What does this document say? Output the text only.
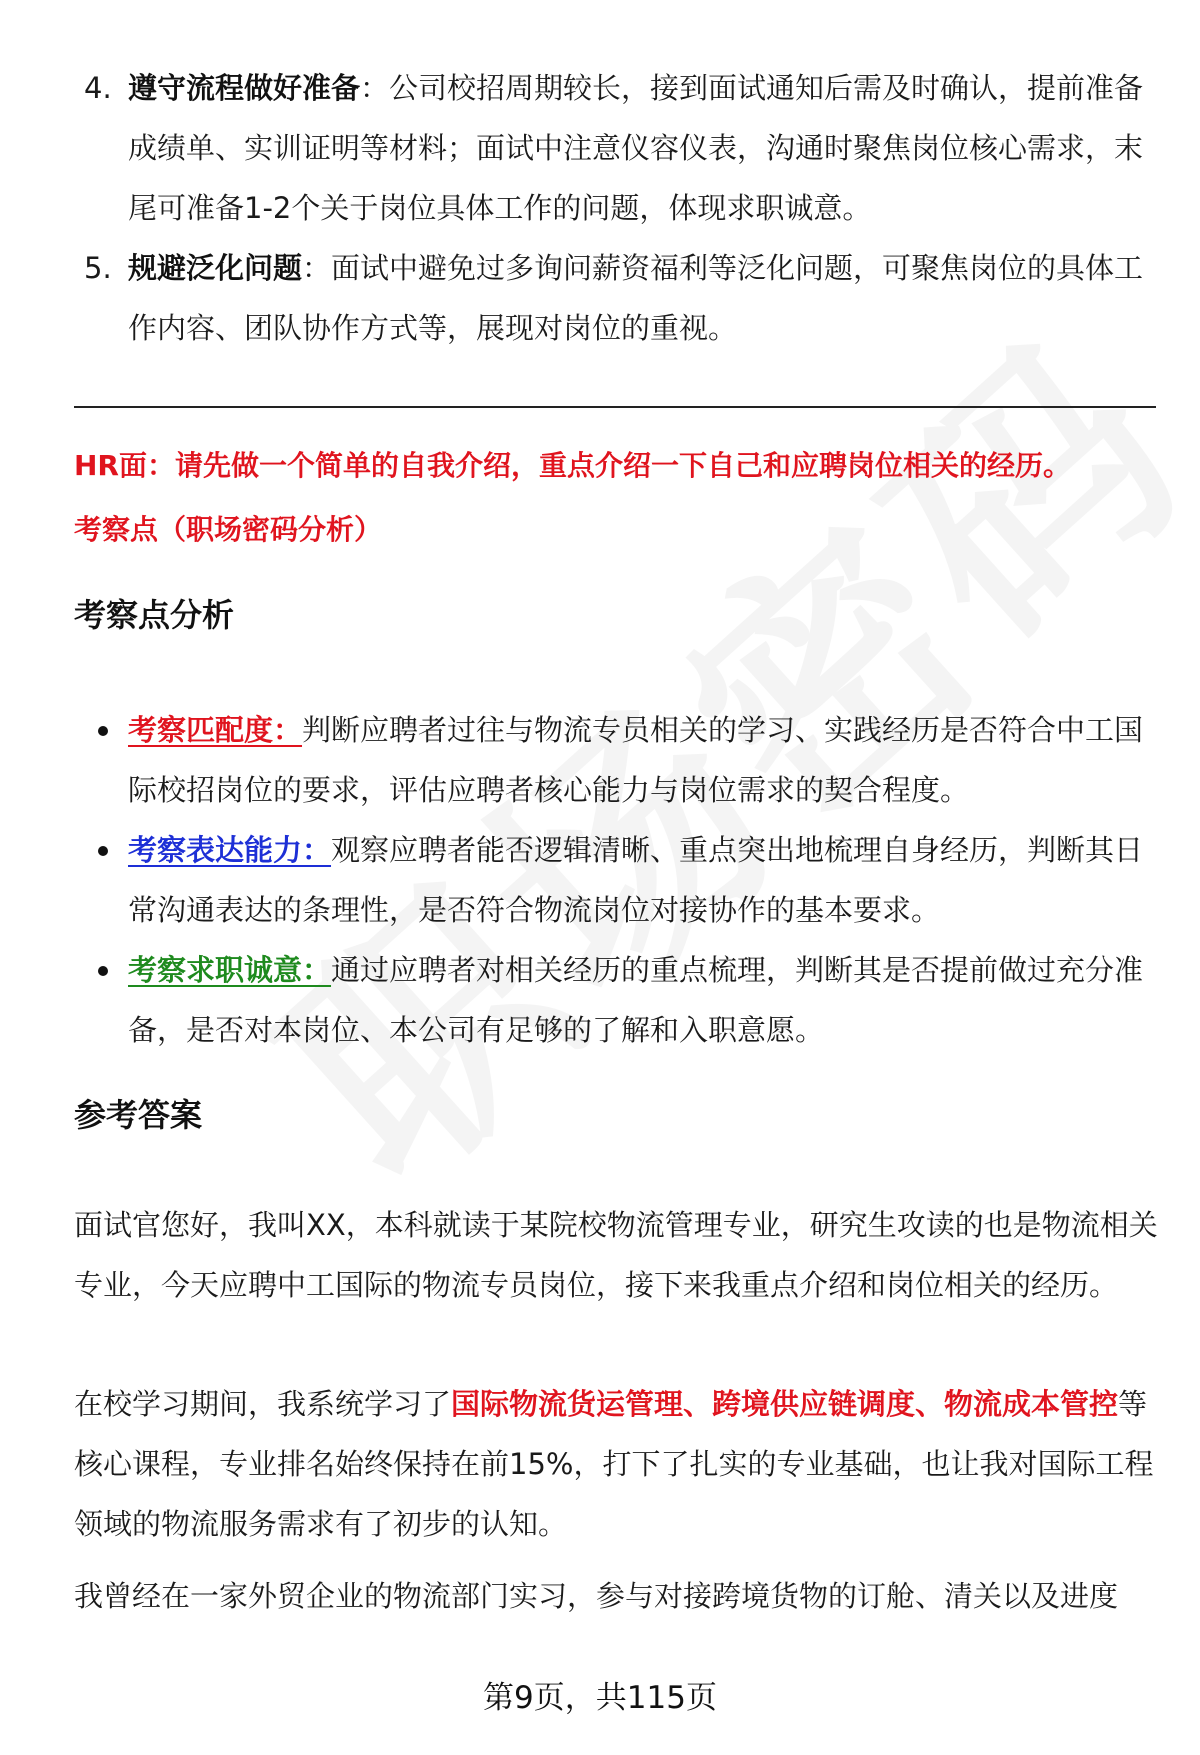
4. 遵守流程做好准备：公司校招周期较长，接到面试通知后需及时确认，提前准备成绩单、实训证明等材料；面试中注意仪容仪表，沟通时聚焦岗位核心需求，末尾可准备1-2个关于岗位具体工作的问题，体现求职诚意。
5. 规避泛化问题：面试中避免过多询问薪资福利等泛化问题，可聚焦岗位的具体工作内容、团队协作方式等，展现对岗位的重视。
HR面：请先做一个简单的自我介绍，重点介绍一下自己和应聘岗位相关的经历。
考察点（职场密码分析）
考察点分析
考察匹配度：判断应聘者过往与物流专员相关的学习、实践经历是否符合中工国际校招岗位的要求，评估应聘者核心能力与岗位需求的契合程度。
考察表达能力：观察应聘者能否逻辑清晰、重点突出地梳理自身经历，判断其日常沟通表达的条理性，是否符合物流岗位对接协作的基本要求。
考察求职诚意：通过应聘者对相关经历的重点梳理，判断其是否提前做过充分准备，是否对本岗位、本公司有足够的了解和入职意愿。
参考答案

面试官您好，我叫XX，本科就读于某院校物流管理专业，研究生攻读的也是物流相关专业，今天应聘中工国际的物流专员岗位，接下来我重点介绍和岗位相关的经历。

在校学习期间，我系统学习了国际物流货运管理、跨境供应链调度、物流成本管控等核心课程，专业排名始终保持在前15%，打下了扎实的专业基础，也让我对国际工程领域的物流服务需求有了初步的认知。

我曾经在一家外贸企业的物流部门实习，参与对接跨境货物的订舱、清关以及进度

第9页，共115页
